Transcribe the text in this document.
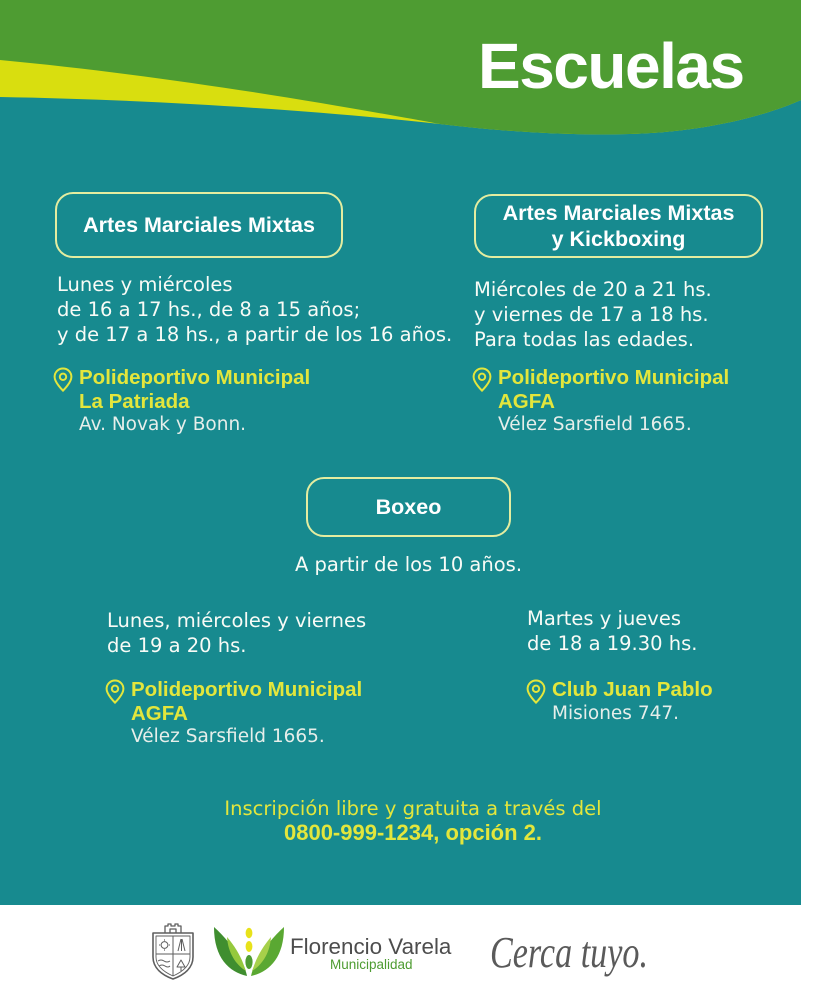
Escuelas
Artes Marciales Mixtas
Lunes y miércoles
de 16 a 17 hs., de 8 a 15 años;
y de 17 a 18 hs., a partir de los 16 años.
Polideportivo Municipal
La Patriada
Av. Novak y Bonn.
Artes Marciales Mixtas
y Kickboxing
Miércoles de 20 a 21 hs.
y viernes de 17 a 18 hs.
Para todas las edades.
Polideportivo Municipal
AGFA
Vélez Sarsfield 1665.
Boxeo
A partir de los 10 años.
Lunes, miércoles y viernes
de 19 a 20 hs.
Polideportivo Municipal
AGFA
Vélez Sarsfield 1665.
Martes y jueves
de 18 a 19.30 hs.
Club Juan Pablo
Misiones 747.
Inscripción libre y gratuita a través del
0800-999-1234, opción 2.
Florencio Varela
Municipalidad Cerca tuyo.
